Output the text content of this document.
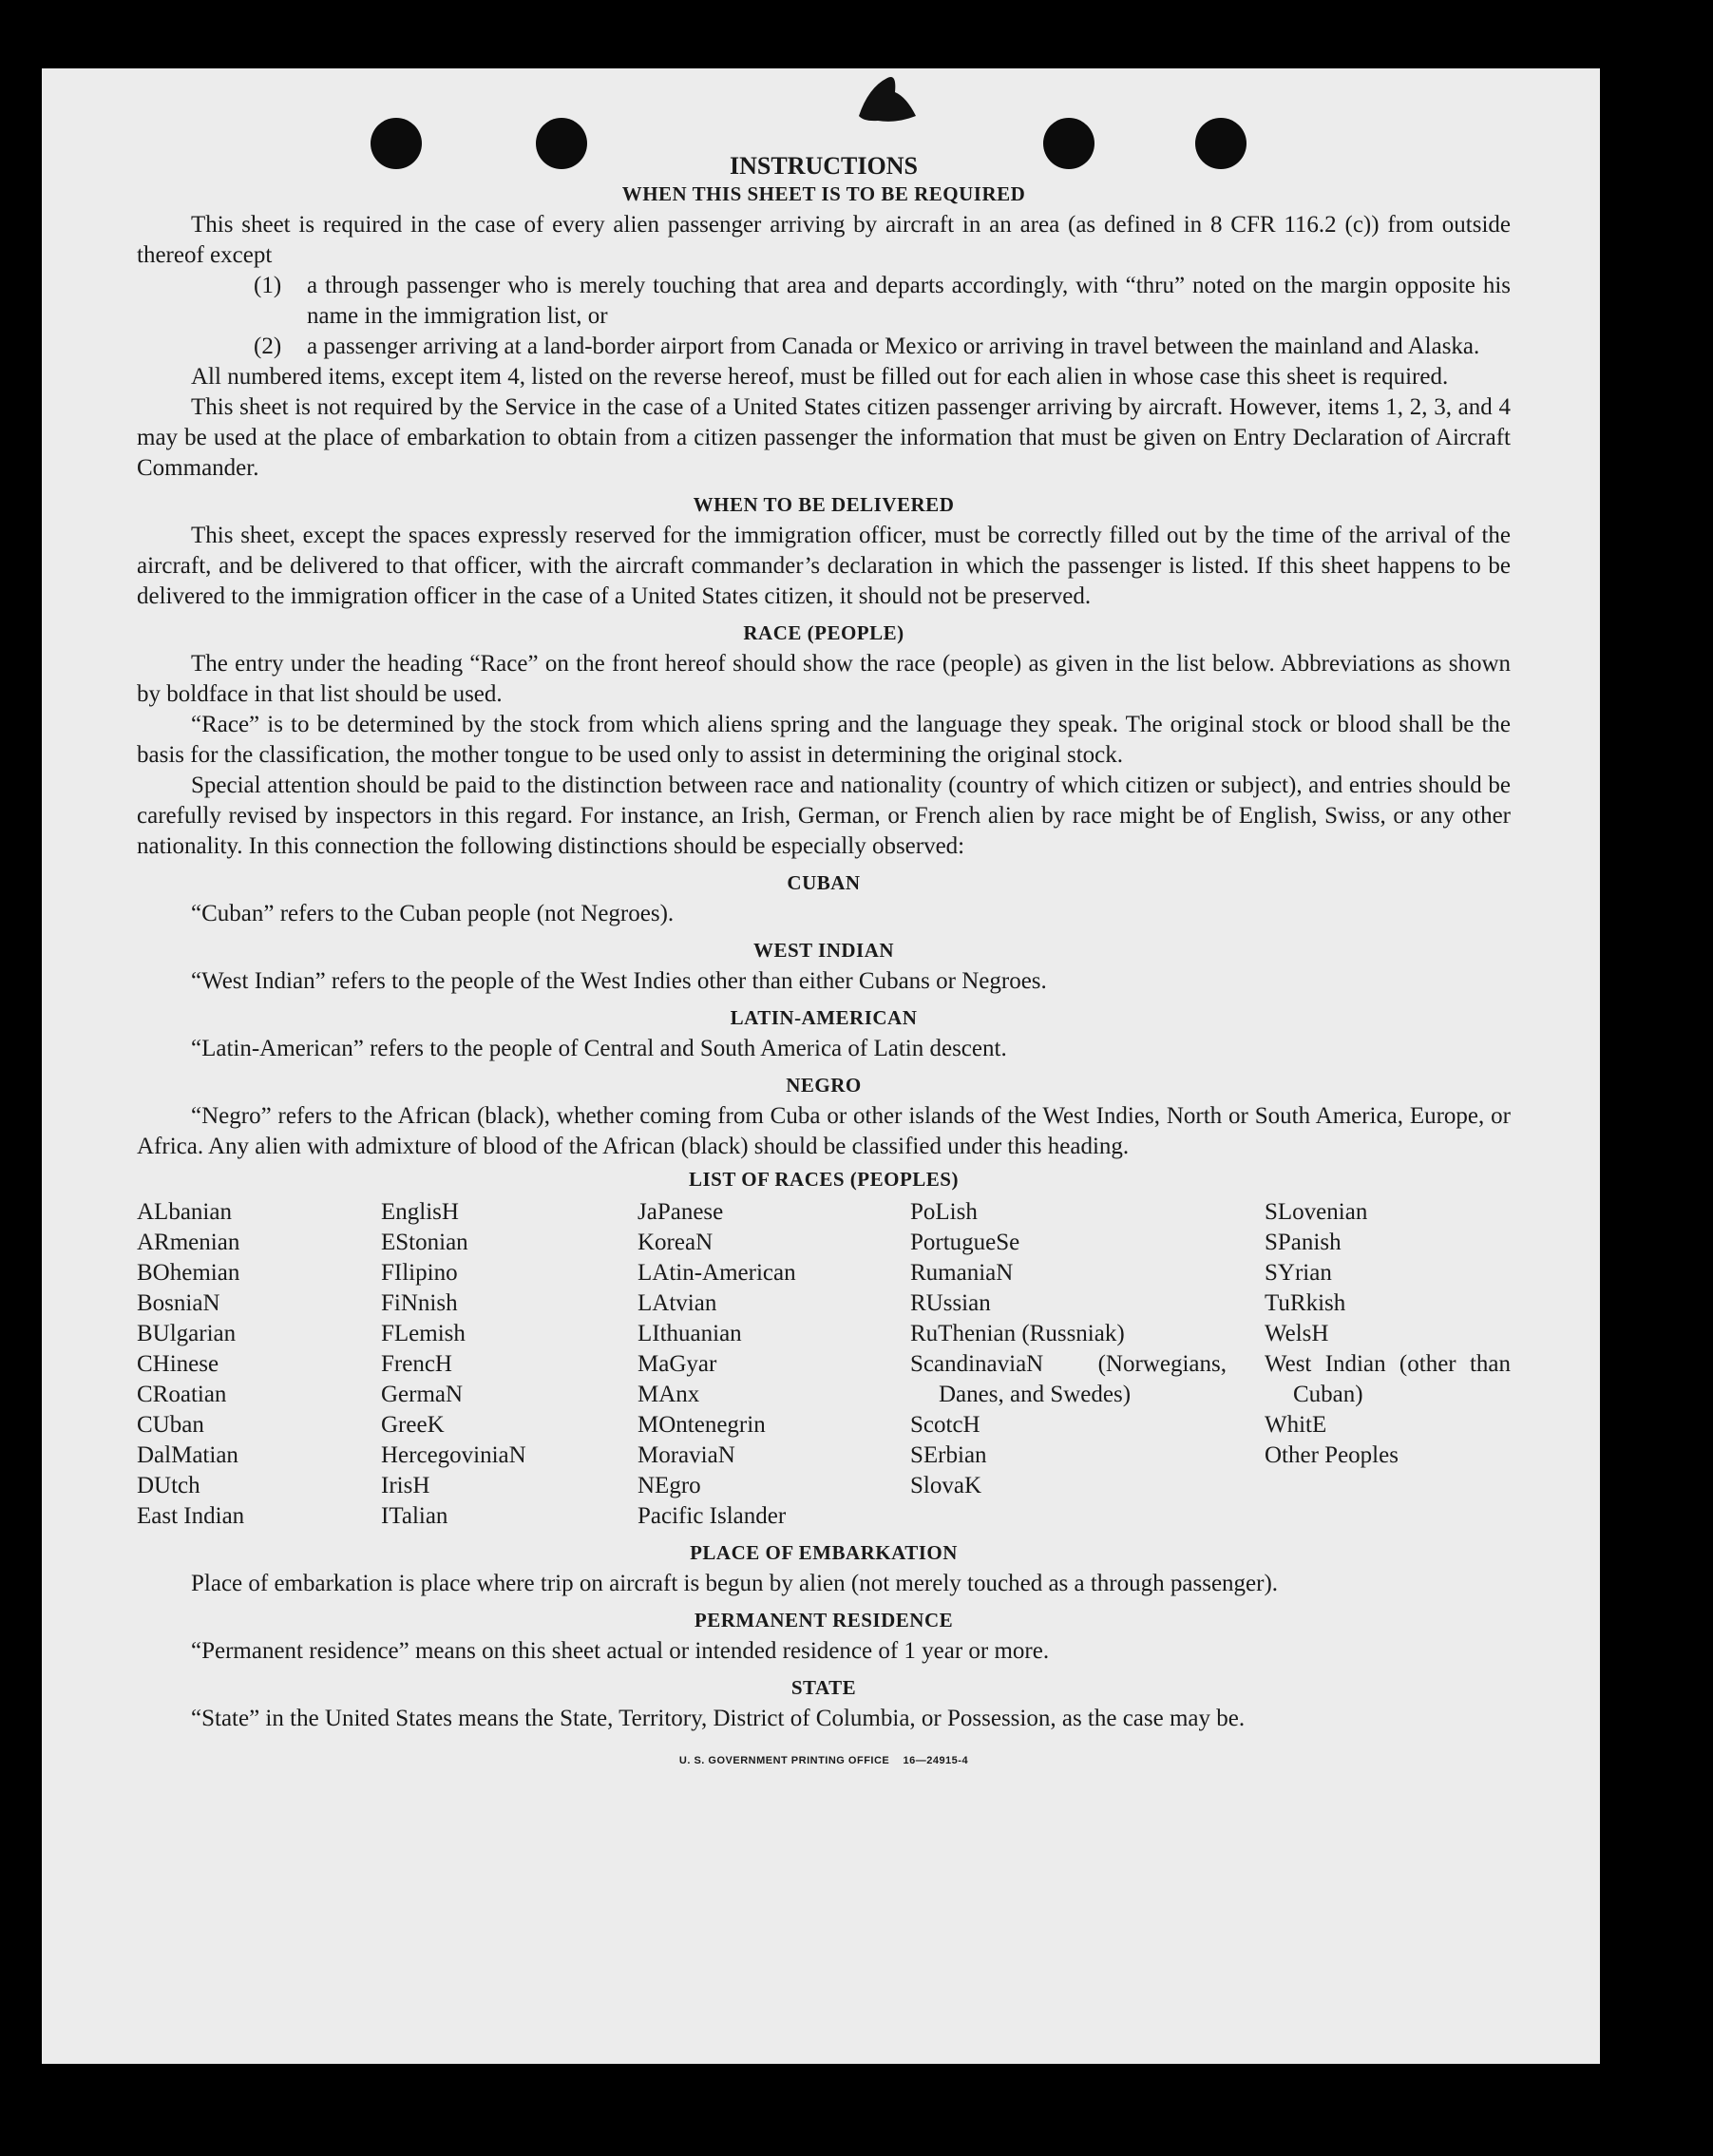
INSTRUCTIONS
WHEN THIS SHEET IS TO BE REQUIRED

This sheet is required in the case of every alien passenger arriving by aircraft in an area (as defined in 8 CFR 116.2 (c)) from outside thereof except

(1)	a through passenger who is merely touching that area and departs accordingly, with “thru” noted on the margin opposite his name in the immigration list, or
(2)	a passenger arriving at a land-border airport from Canada or Mexico or arriving in travel between the mainland and Alaska.

All numbered items, except item 4, listed on the reverse hereof, must be filled out for each alien in whose case this sheet is required.

This sheet is not required by the Service in the case of a United States citizen passenger arriving by aircraft. However, items 1, 2, 3, and 4 may be used at the place of embarkation to obtain from a citizen passenger the information that must be given on Entry Declaration of Aircraft Commander.

WHEN TO BE DELIVERED

This sheet, except the spaces expressly reserved for the immigration officer, must be correctly filled out by the time of the arrival of the aircraft, and be delivered to that officer, with the aircraft commander’s declaration in which the passenger is listed. If this sheet happens to be delivered to the immigration officer in the case of a United States citizen, it should not be preserved.

RACE (PEOPLE)

The entry under the heading “Race” on the front hereof should show the race (people) as given in the list below. Abbreviations as shown by boldface in that list should be used.

“Race” is to be determined by the stock from which aliens spring and the language they speak. The original stock or blood shall be the basis for the classification, the mother tongue to be used only to assist in determining the original stock.

Special attention should be paid to the distinction between race and nationality (country of which citizen or subject), and entries should be carefully revised by inspectors in this regard. For instance, an Irish, German, or French alien by race might be of English, Swiss, or any other nationality. In this connection the following distinctions should be especially observed:

CUBAN

“Cuban” refers to the Cuban people (not Negroes).

WEST INDIAN

“West Indian” refers to the people of the West Indies other than either Cubans or Negroes.

LATIN-AMERICAN

“Latin-American” refers to the people of Central and South America of Latin descent.

NEGRO

“Negro” refers to the African (black), whether coming from Cuba or other islands of the West Indies, North or South America, Europe, or Africa. Any alien with admixture of blood of the African (black) should be classified under this heading.

LIST OF RACES (PEOPLES)
ALbanian
ARmenian
BOhemian
BosniaN
BUlgarian
CHinese
CRoatian
CUban
DalMatian
DUtch
East Indian
EnglisH
EStonian
FIlipino
FiNnish
FLemish
FrencH
GermaN
GreeK
HercegoviniaN
IrisH
ITalian
JaPanese
KoreaN
LAtin-American
LAtvian
LIthuanian
MaGyar
MAnx
MOntenegrin
MoraviaN
NEgro
Pacific Islander
PoLish
PortugueSe
RumaniaN
RUssian
RuThenian (Russniak)
ScandinaviaN (Norwegians, Danes, and Swedes)
ScotcH
SErbian
SlovaK
SLovenian
SPanish
SYrian
TuRkish
WelsH
West Indian (other than Cuban)
WhitE
Other Peoples
PLACE OF EMBARKATION

Place of embarkation is place where trip on aircraft is begun by alien (not merely touched as a through passenger).

PERMANENT RESIDENCE

“Permanent residence” means on this sheet actual or intended residence of 1 year or more.

STATE

“State” in the United States means the State, Territory, District of Columbia, or Possession, as the case may be.

U. S. GOVERNMENT PRINTING OFFICE    16—24915-4
